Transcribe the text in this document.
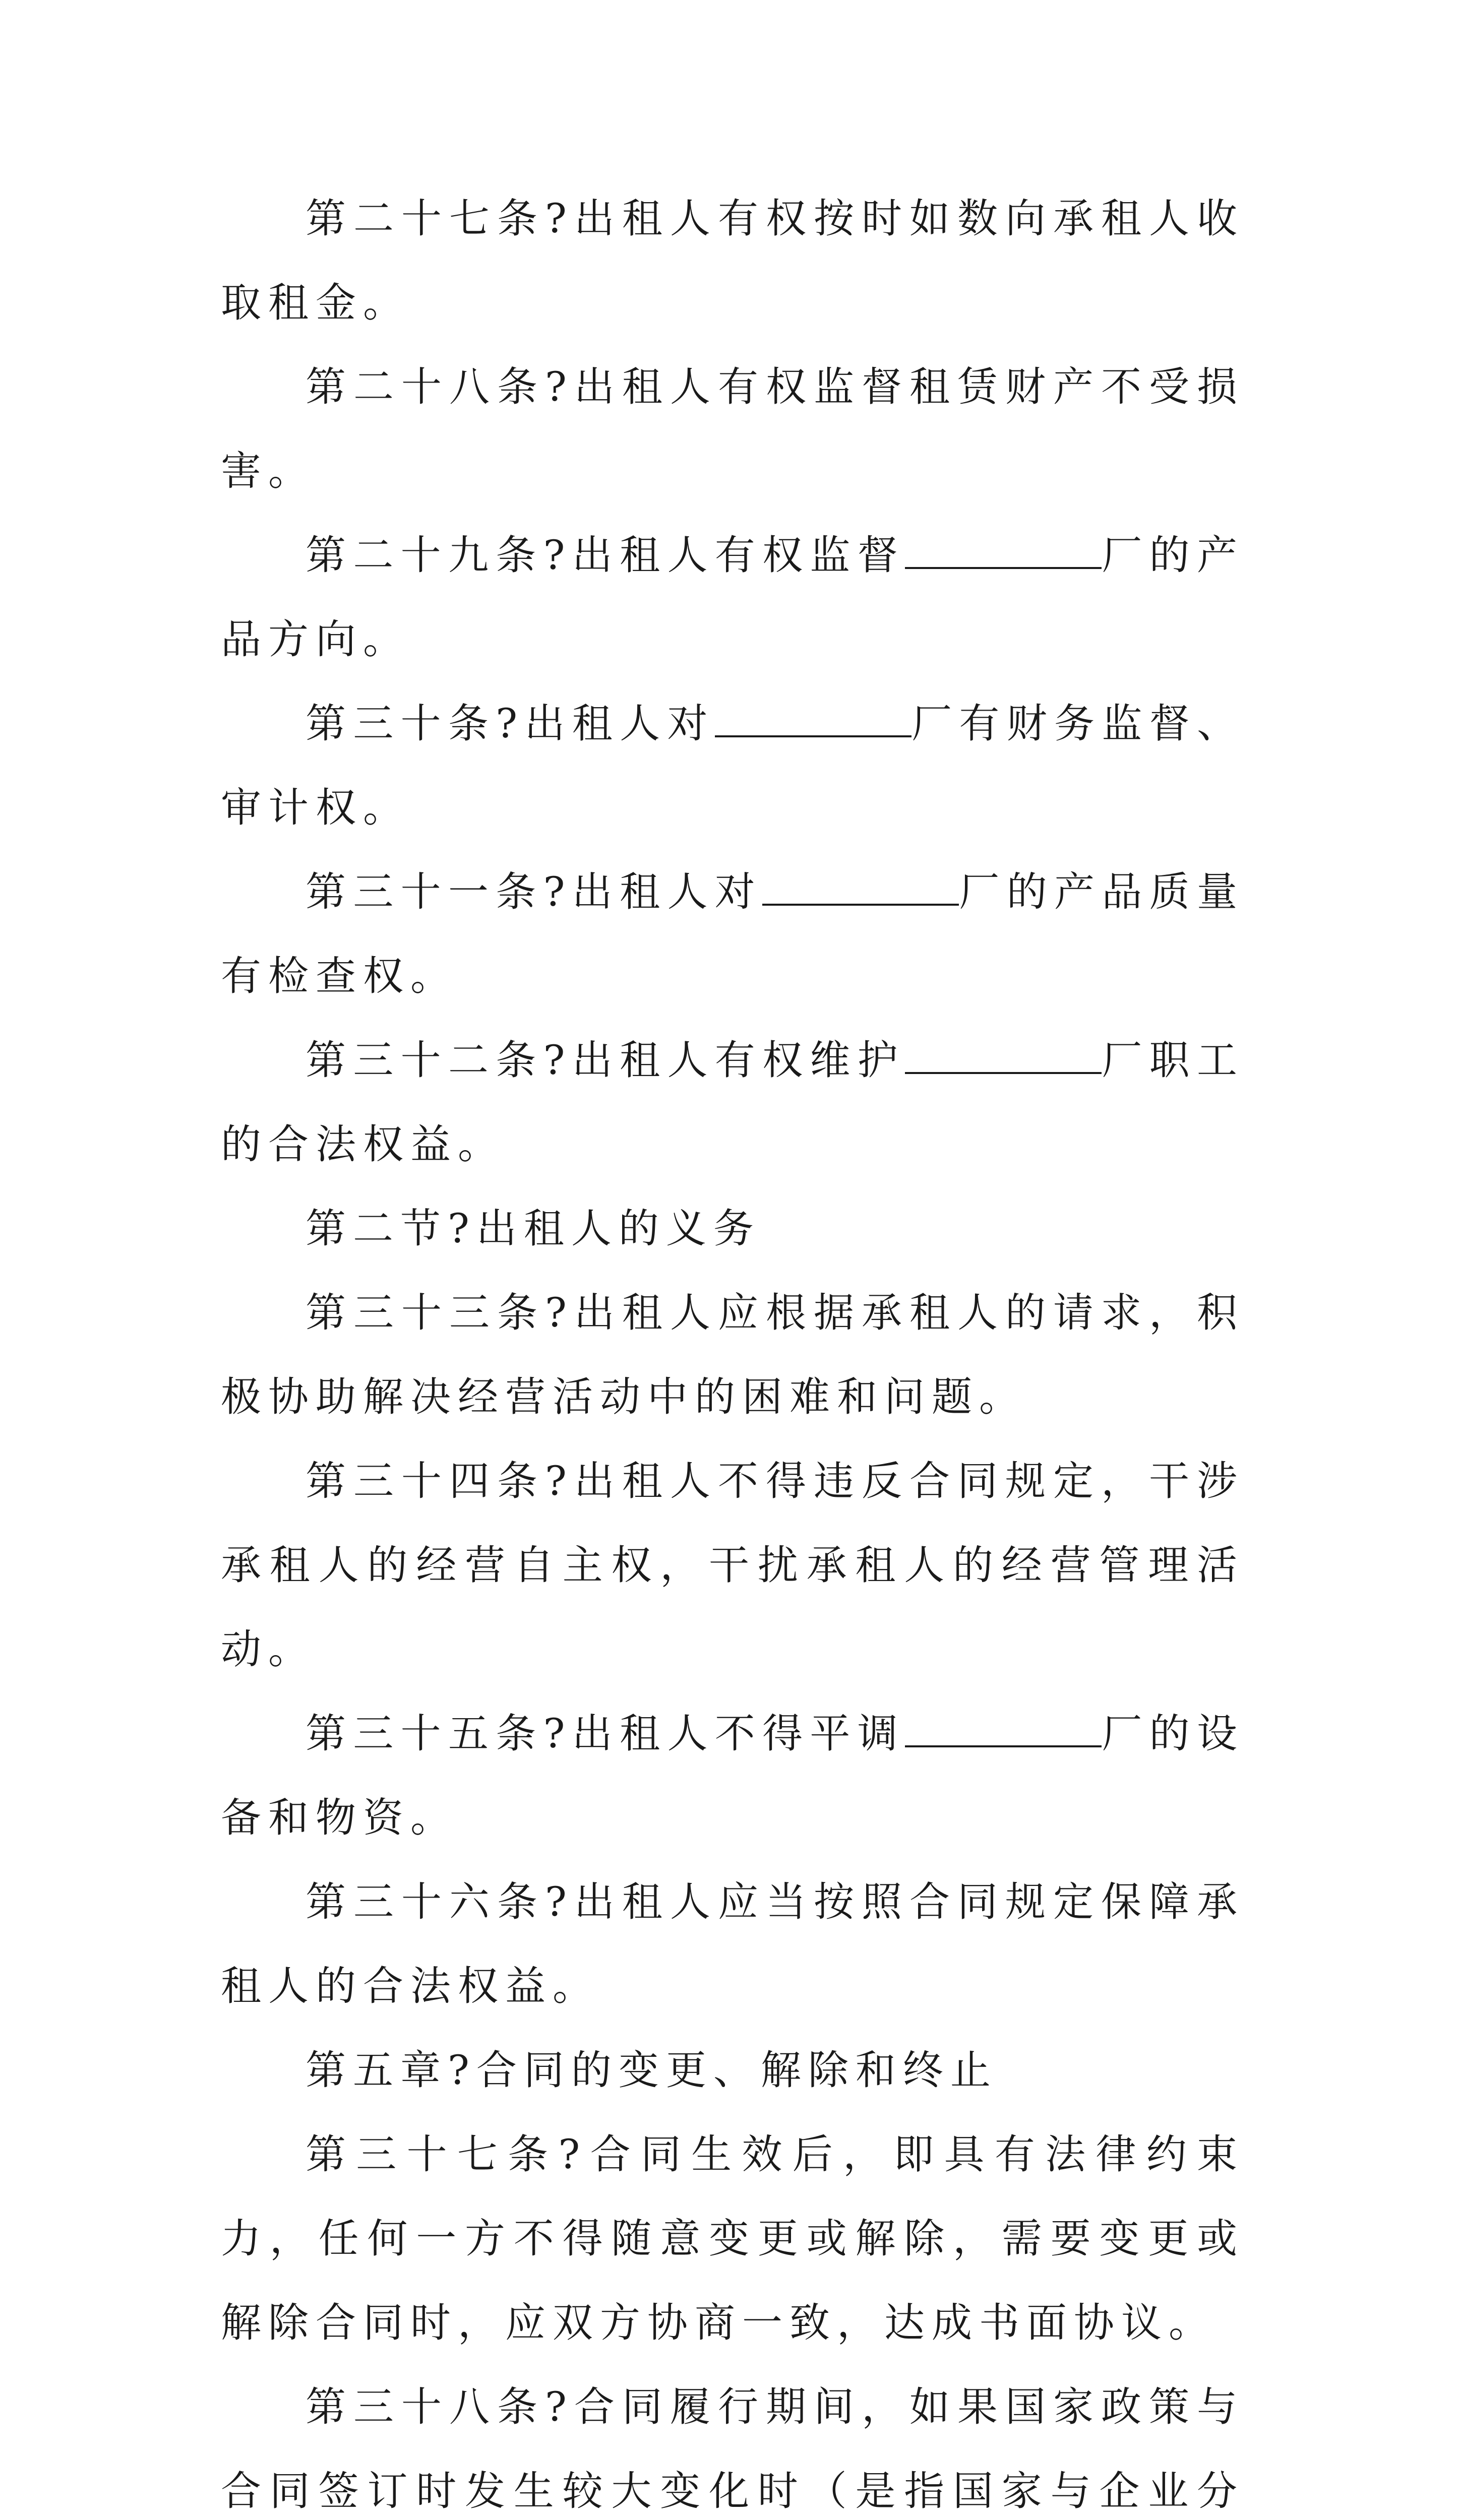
第二十七条?出租人有权按时如数向承租人收取租金。

第二十八条?出租人有权监督租赁财产不受损害。

第二十九条?出租人有权监督	厂的产品方向。

第三十条?出租人对	厂有财务监督、审计权。

第三十一条?出租人对	厂的产品质量有检查权。

第三十二条?出租人有权维护	厂职工的合法权益。

第二节?出租人的义务

第三十三条?出租人应根据承租人的请求，积极协助解决经营活动中的困难和问题。

第三十四条?出租人不得违反合同规定，干涉承租人的经营自主权，干扰承租人的经营管理活动。

第三十五条?出租人不得平调	厂的设备和物资。

第三十六条?出租人应当按照合同规定保障承租人的合法权益。

第五章?合同的变更、解除和终止

第三十七条?合同生效后，即具有法律约束力，任何一方不得随意变更或解除，需要变更或解除合同时，应双方协商一致，达成书面协议。

第三十八条?合同履行期间，如果国家政策与合同签订时发生较大变化时（是指国家与企业分
